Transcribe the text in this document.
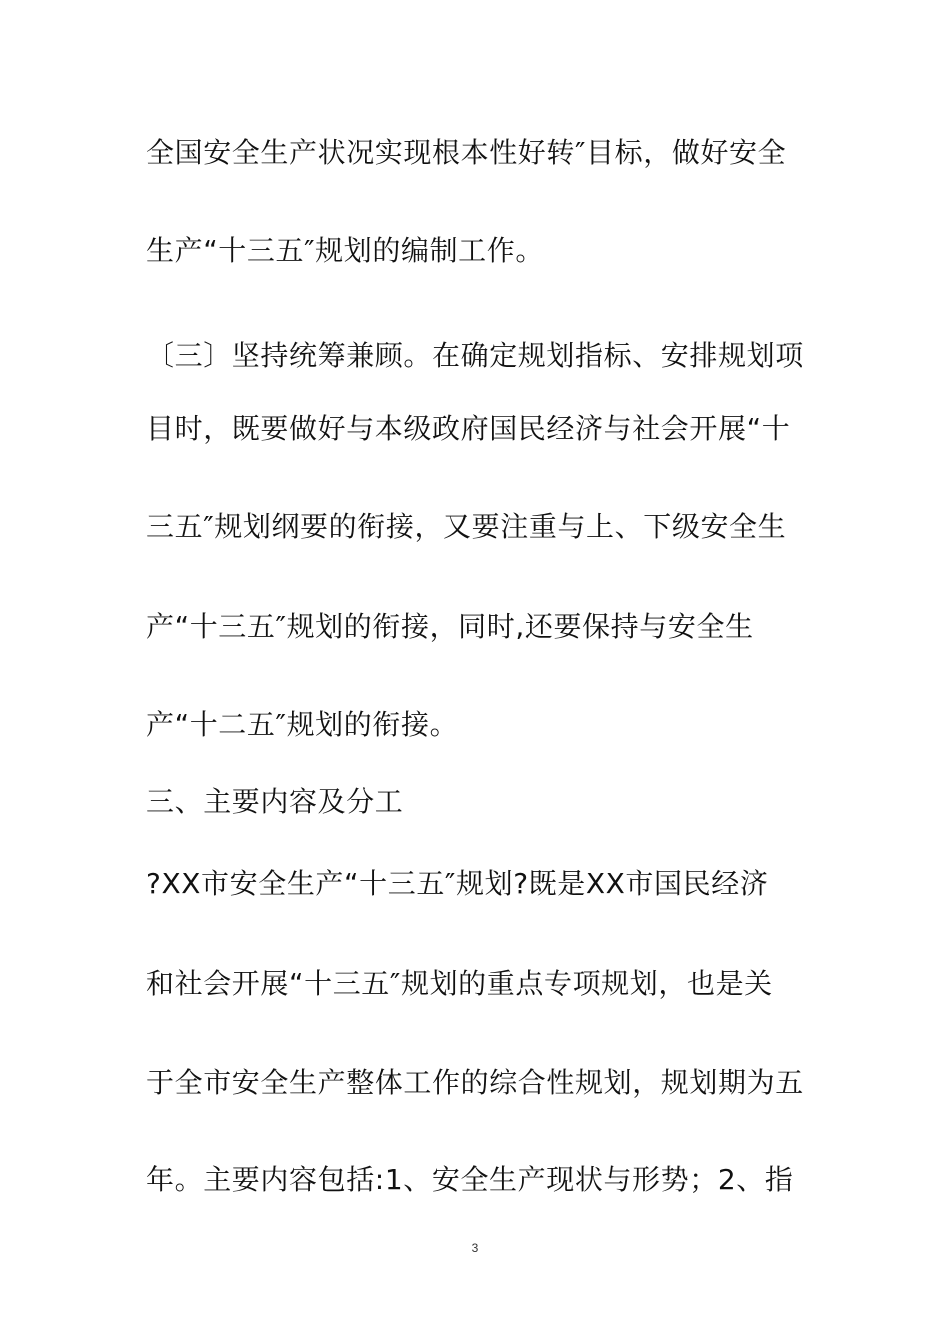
全国安全生产状况实现根本性好转″目标，做好安全
生产“十三五″规划的编制工作。
〔三〕坚持统筹兼顾。在确定规划指标、安排规划项
目时，既要做好与本级政府国民经济与社会开展“十
三五″规划纲要的衔接，又要注重与上、下级安全生
产“十三五″规划的衔接，同时,还要保持与安全生
产“十二五″规划的衔接。
三、主要内容及分工
?XX市安全生产“十三五″规划?既是XX市国民经济
和社会开展“十三五″规划的重点专项规划，也是关
于全市安全生产整体工作的综合性规划，规划期为五
年。主要内容包括:1、安全生产现状与形势；2、指
3
